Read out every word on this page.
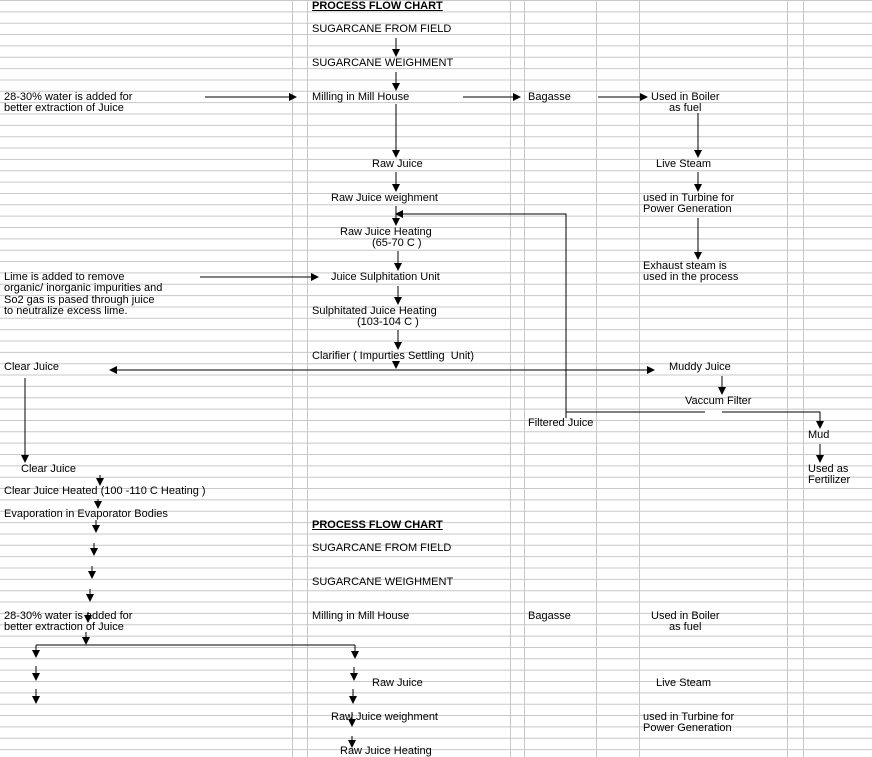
PROCESS FLOW CHART
SUGARCANE FROM FIELD
SUGARCANE WEIGHMENT
28-30% water is added for
better extraction of Juice
Milling in Mill House	Bagasse	Used in Boiler
as fuel
Raw Juice	Live Steam
Raw Juice weighment	used in Turbine for
Power Generation
Raw Juice Heating
(65-70 C )
Exhaust steam is
used in the process
Lime is added to remove
organic/ inorganic impurities and
So2 gas is pased through juice
to neutralize excess lime.
Juice Sulphitation Unit
Sulphitated Juice Heating
(103-104 C )
Clarifier ( Impurties Settling  Unit)
Clear Juice	Muddy Juice
Vaccum Filter
Filtered Juice
Mud
Clear Juice	Used as
Fertilizer
Clear Juice Heated (100 -110 C Heating )
Evaporation in Evaporator Bodies
PROCESS FLOW CHART
SUGARCANE FROM FIELD
SUGARCANE WEIGHMENT
28-30% water is added for
better extraction of Juice
Milling in Mill House	Bagasse	Used in Boiler
as fuel
Raw Juice	Live Steam
Raw Juice weighment	used in Turbine for
Power Generation
Raw Juice Heating
